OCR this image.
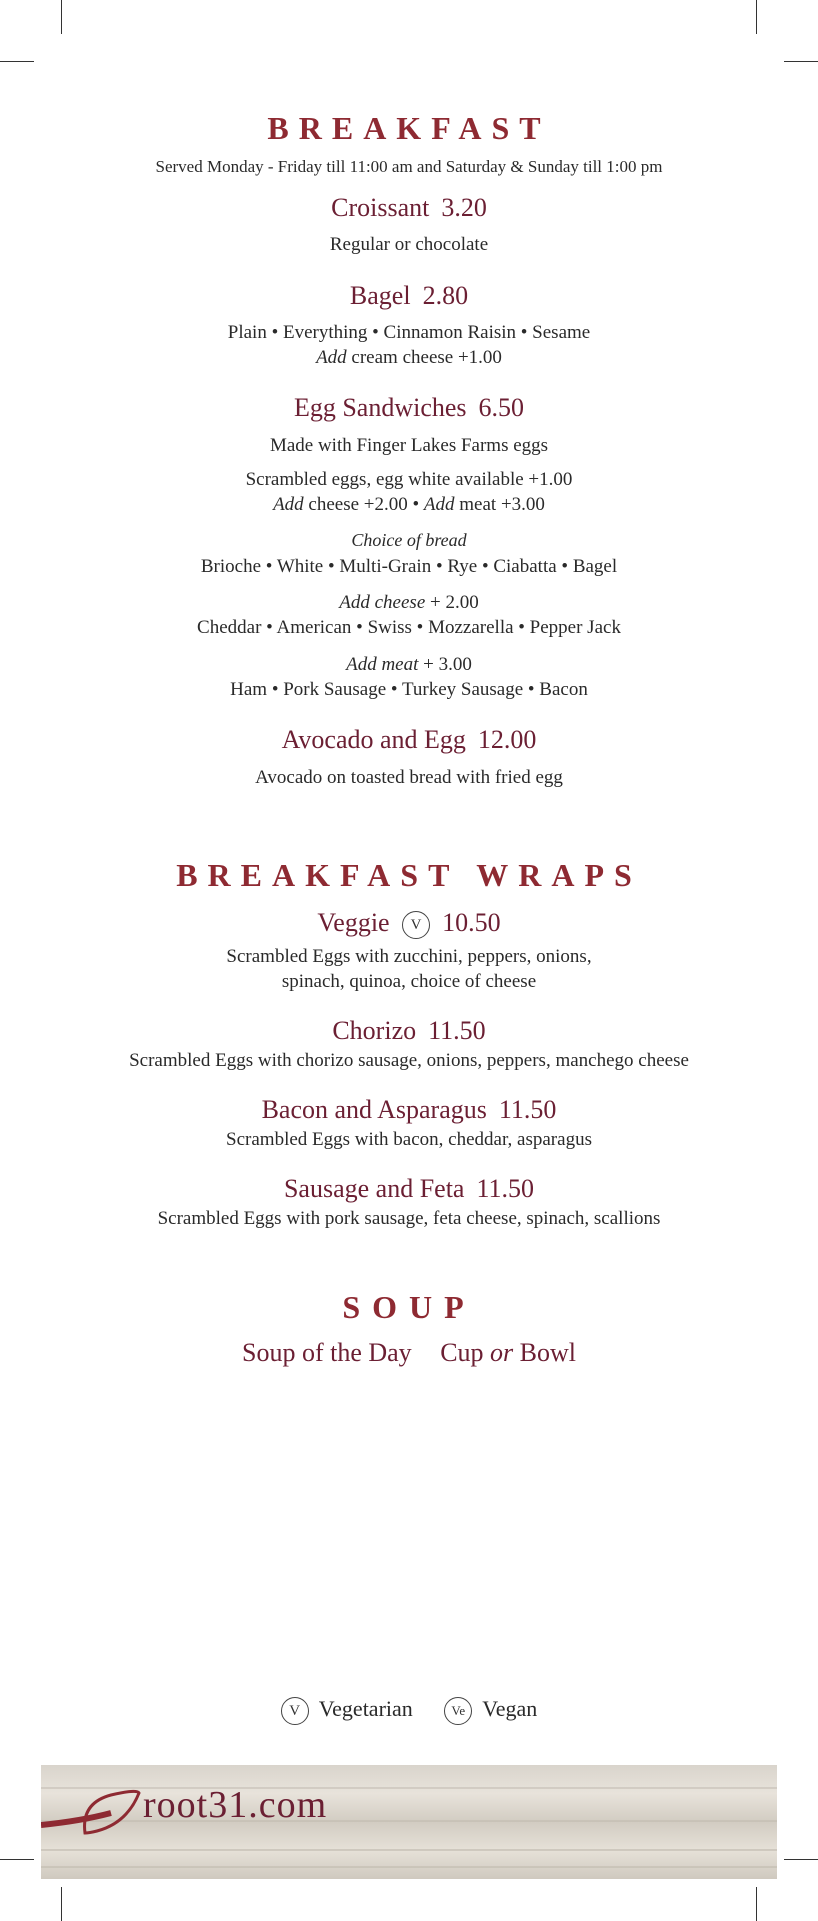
BREAKFAST
Served Monday - Friday till 11:00 am and Saturday & Sunday till 1:00 pm
Croissant 3.20
Regular or chocolate
Bagel 2.80
Plain • Everything • Cinnamon Raisin • Sesame
Add cream cheese +1.00
Egg Sandwiches 6.50
Made with Finger Lakes Farms eggs
Scrambled eggs, egg white available +1.00
Add cheese +2.00 • Add meat +3.00
Choice of bread
Brioche • White • Multi-Grain • Rye • Ciabatta • Bagel
Add cheese + 2.00
Cheddar • American • Swiss • Mozzarella • Pepper Jack
Add meat + 3.00
Ham • Pork Sausage • Turkey Sausage • Bacon
Avocado and Egg 12.00
Avocado on toasted bread with fried egg
BREAKFAST WRAPS
Veggie V 10.50
Scrambled Eggs with zucchini, peppers, onions,
spinach, quinoa, choice of cheese
Chorizo 11.50
Scrambled Eggs with chorizo sausage, onions, peppers, manchego cheese
Bacon and Asparagus 11.50
Scrambled Eggs with bacon, cheddar, asparagus
Sausage and Feta 11.50
Scrambled Eggs with pork sausage, feta cheese, spinach, scallions
SOUP
Soup of the Day Cup or Bowl
V Vegetarian	Ve Vegan
root31.com
